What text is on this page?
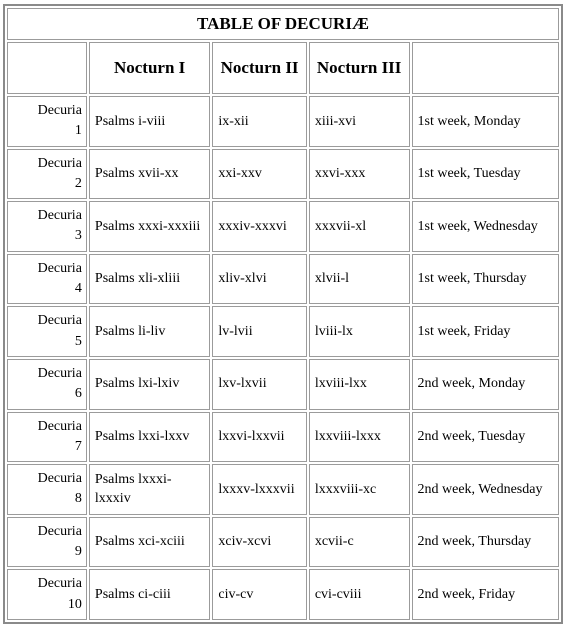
TABLE OF DECURIÆ				
	Nocturn I	Nocturn II	Nocturn III	

Decuria
1	Psalms i-viii	ix-xii	xiii-xvi	1st week, Monday

Decuria
2	Psalms xvii-xx	xxi-xxv	xxvi-xxx	1st week, Tuesday

Decuria
3	Psalms xxxi-xxxiii	xxxiv-xxxvi	xxxvii-xl	1st week, Wednesday

Decuria
4	Psalms xli-xliii	xliv-xlvi	xlvii-l	1st week, Thursday

Decuria
5	Psalms li-liv	lv-lvii	lviii-lx	1st week, Friday

Decuria
6	Psalms lxi-lxiv	lxv-lxvii	lxviii-lxx	2nd week, Monday

Decuria
7	Psalms lxxi-lxxv	lxxvi-lxxvii	lxxviii-lxxx	2nd week, Tuesday

Decuria
8	Psalms lxxxi-lxxxiv	lxxxv-lxxxvii	lxxxviii-xc	2nd week, Wednesday

Decuria
9	Psalms xci-xciii	xciv-xcvi	xcvii-c	2nd week, Thursday

Decuria
10	Psalms ci-ciii	civ-cv	cvi-cviii	2nd week, Friday
